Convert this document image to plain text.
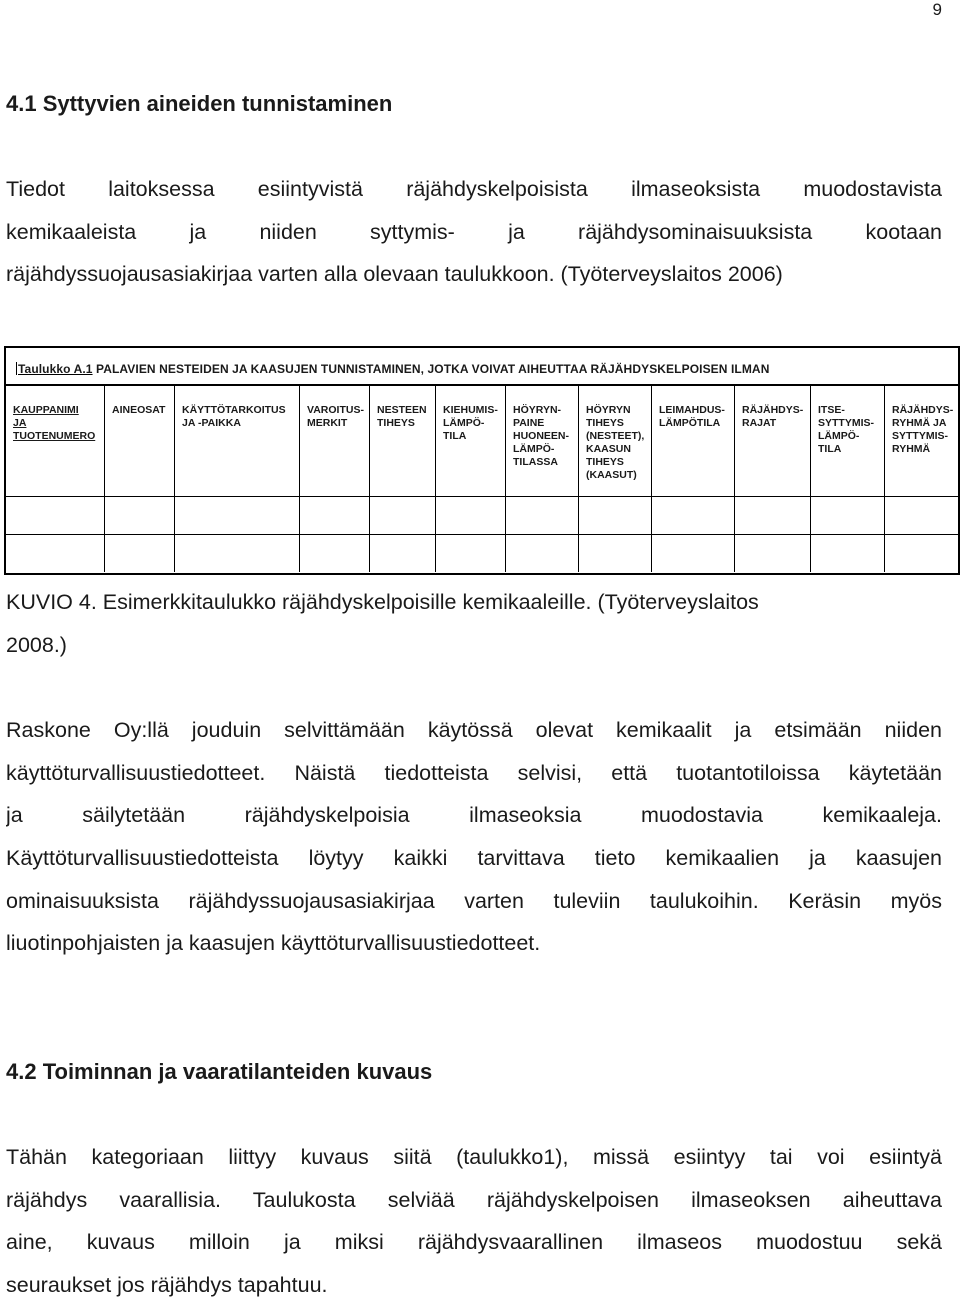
9
4.1 Syttyvien aineiden tunnistaminen
Tiedot laitoksessa esiintyvistä räjähdyskelpoisista ilmaseoksista muodostavista
kemikaaleista ja niiden syttymis- ja räjähdysominaisuuksista kootaan
räjähdyssuojausasiakirjaa varten alla olevaan taulukkoon. (Työterveyslaitos 2006)
Taulukko A.1 PALAVIEN NESTEIDEN JA KAASUJEN TUNNISTAMINEN, JOTKA VOIVAT AIHEUTTAA RÄJÄHDYSKELPOISEN ILMAN
KAUPPANIMI
JA
TUOTENUMERO
AINEOSAT	KÄYTTÖTARKOITUS
JA -PAIKKA
VAROITUS-
MERKIT
NESTEEN
TIHEYS
KIEHUMIS-
LÄMPÖ-
TILA
HÖYRYN-
PAINE
HUONEEN-
LÄMPÖ-
TILASSA
HÖYRYN
TIHEYS
(NESTEET),
KAASUN
TIHEYS
(KAASUT)
LEIMAHDUS-
LÄMPÖTILA
RÄJÄHDYS-
RAJAT
ITSE-
SYTTYMIS-
LÄMPÖ-
TILA
RÄJÄHDYS-
RYHMÄ JA
SYTTYMIS-
RYHMÄ
KUVIO 4. Esimerkkitaulukko räjähdyskelpoisille kemikaaleille. (Työterveyslaitos
2008.)
Raskone Oy:llä jouduin selvittämään käytössä olevat kemikaalit ja etsimään niiden
käyttöturvallisuustiedotteet. Näistä tiedotteista selvisi, että tuotantotiloissa käytetään
ja säilytetään räjähdyskelpoisia ilmaseoksia muodostavia kemikaaleja.
Käyttöturvallisuustiedotteista löytyy kaikki tarvittava tieto kemikaalien ja kaasujen
ominaisuuksista räjähdyssuojausasiakirjaa varten tuleviin taulukoihin. Keräsin myös
liuotinpohjaisten ja kaasujen käyttöturvallisuustiedotteet.
4.2 Toiminnan ja vaaratilanteiden kuvaus
Tähän kategoriaan liittyy kuvaus siitä (taulukko1), missä esiintyy tai voi esiintyä
räjähdys vaarallisia. Taulukosta selviää räjähdyskelpoisen ilmaseoksen aiheuttava
aine, kuvaus milloin ja miksi räjähdysvaarallinen ilmaseos muodostuu sekä
seuraukset jos räjähdys tapahtuu.
